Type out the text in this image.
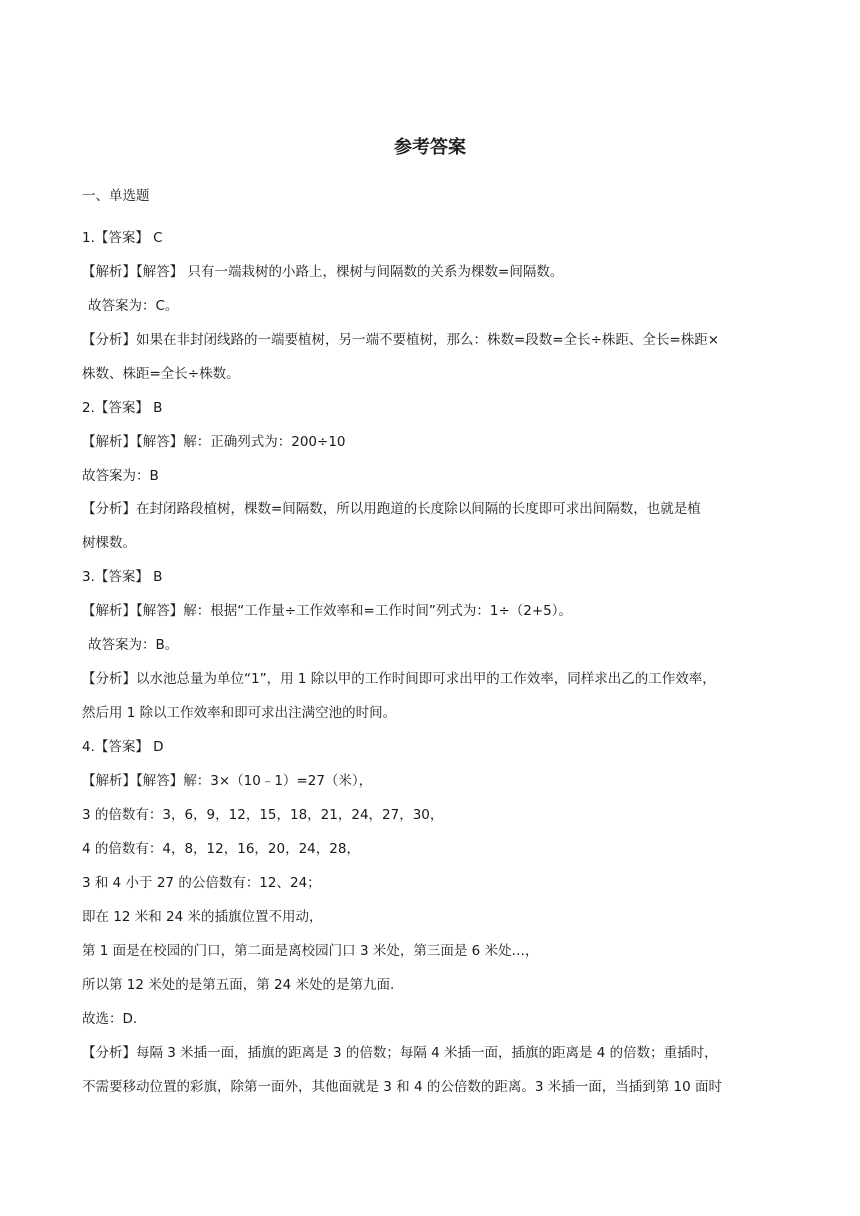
参考答案
一、单选题
1.【答案】 C
【解析】【解答】 只有一端栽树的小路上，棵树与间隔数的关系为棵数=间隔数。
故答案为：C。
【分析】如果在非封闭线路的一端要植树，另一端不要植树，那么：株数=段数=全长÷株距、全长=株距×
株数、株距=全长÷株数。
2.【答案】 B
【解析】【解答】解：正确列式为：200÷10
故答案为：B
【分析】在封闭路段植树，棵数=间隔数，所以用跑道的长度除以间隔的长度即可求出间隔数，也就是植
树棵数。
3.【答案】 B
【解析】【解答】解：根据“工作量÷工作效率和=工作时间”列式为：1÷（2+5）。
故答案为：B。
【分析】以水池总量为单位“1”，用 1 除以甲的工作时间即可求出甲的工作效率，同样求出乙的工作效率，
然后用 1 除以工作效率和即可求出注满空池的时间。
4.【答案】 D
【解析】【解答】解：3×（10﹣1）=27（米），
3 的倍数有：3，6，9，12，15，18，21，24，27，30，
4 的倍数有：4，8，12，16，20，24，28，
3 和 4 小于 27 的公倍数有：12、24；
即在 12 米和 24 米的插旗位置不用动，
第 1 面是在校园的门口，第二面是离校园门口 3 米处，第三面是 6 米处…，
所以第 12 米处的是第五面，第 24 米处的是第九面.
故选：D.
【分析】每隔 3 米插一面，插旗的距离是 3 的倍数；每隔 4 米插一面，插旗的距离是 4 的倍数；重插时，
不需要移动位置的彩旗，除第一面外，其他面就是 3 和 4 的公倍数的距离。3 米插一面，当插到第 10 面时
